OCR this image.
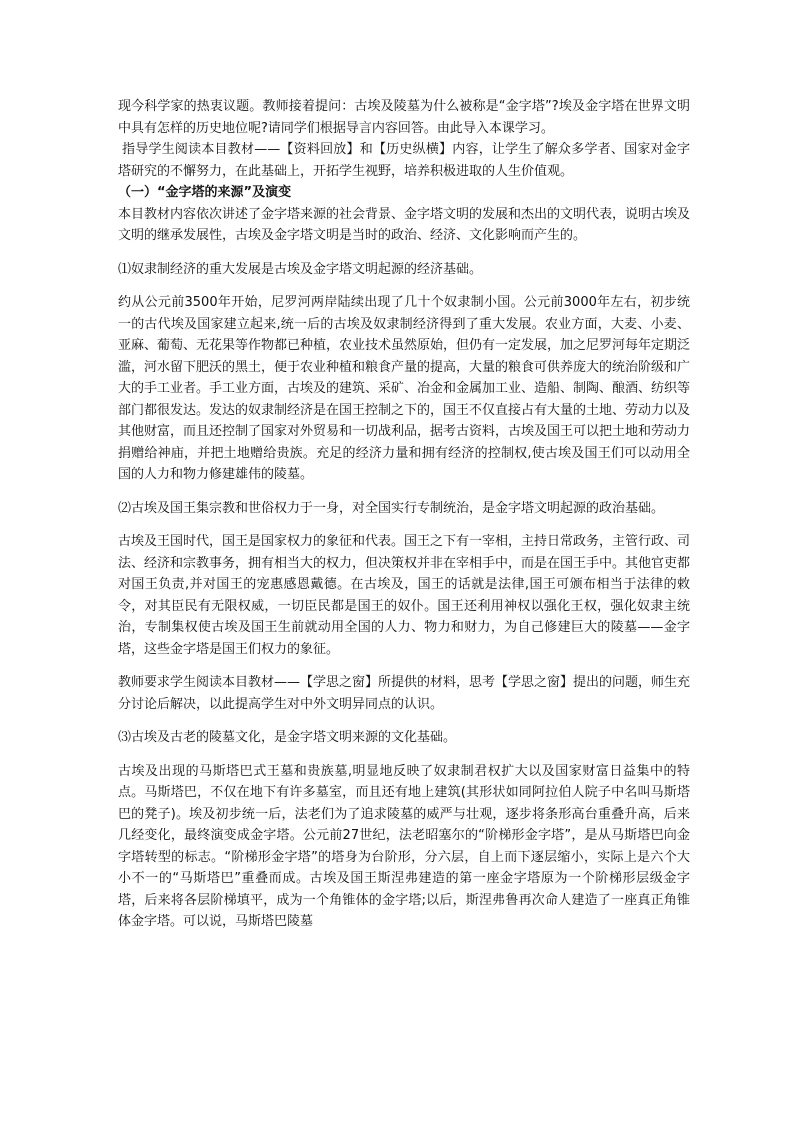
现今科学家的热衷议题。教师接着提问：古埃及陵墓为什么被称是“金字塔”?埃及金字塔在世界文明中具有怎样的历史地位呢?请同学们根据导言内容回答。由此导入本课学习。

指导学生阅读本目教材——【资料回放】和【历史纵横】内容，让学生了解众多学者、国家对金字塔研究的不懈努力，在此基础上，开拓学生视野，培养积极进取的人生价值观。

（一）“金字塔的来源”及演变

本目教材内容依次讲述了金字塔来源的社会背景、金字塔文明的发展和杰出的文明代表，说明古埃及文明的继承发展性，古埃及金字塔文明是当时的政治、经济、文化影响而产生的。

⑴奴隶制经济的重大发展是古埃及金字塔文明起源的经济基础。

约从公元前3500年开始，尼罗河两岸陆续出现了几十个奴隶制小国。公元前3000年左右，初步统一的古代埃及国家建立起来,统一后的古埃及奴隶制经济得到了重大发展。农业方面，大麦、小麦、亚麻、葡萄、无花果等作物都已种植，农业技术虽然原始，但仍有一定发展，加之尼罗河每年定期泛滥，河水留下肥沃的黑土，便于农业种植和粮食产量的提高，大量的粮食可供养庞大的统治阶级和广大的手工业者。手工业方面，古埃及的建筑、采矿、冶金和金属加工业、造船、制陶、酿酒、纺织等部门都很发达。发达的奴隶制经济是在国王控制之下的，国王不仅直接占有大量的土地、劳动力以及其他财富，而且还控制了国家对外贸易和一切战利品，据考古资料，古埃及国王可以把土地和劳动力捐赠给神庙，并把土地赠给贵族。充足的经济力量和拥有经济的控制权,使古埃及国王们可以动用全国的人力和物力修建雄伟的陵墓。

⑵古埃及国王集宗教和世俗权力于一身，对全国实行专制统治，是金字塔文明起源的政治基础。

古埃及王国时代，国王是国家权力的象征和代表。国王之下有一宰相，主持日常政务，主管行政、司法、经济和宗教事务，拥有相当大的权力，但决策权并非在宰相手中，而是在国王手中。其他官吏都对国王负责,并对国王的宠惠感恩戴德。在古埃及，国王的话就是法律,国王可颁布相当于法律的敕令，对其臣民有无限权威，一切臣民都是国王的奴仆。国王还利用神权以强化王权，强化奴隶主统治，专制集权使古埃及国王生前就动用全国的人力、物力和财力，为自己修建巨大的陵墓——金字塔，这些金字塔是国王们权力的象征。

教师要求学生阅读本目教材——【学思之窗】所提供的材料，思考【学思之窗】提出的问题，师生充分讨论后解决，以此提高学生对中外文明异同点的认识。

⑶古埃及古老的陵墓文化，是金字塔文明来源的文化基础。

古埃及出现的马斯塔巴式王墓和贵族墓,明显地反映了奴隶制君权扩大以及国家财富日益集中的特点。马斯塔巴，不仅在地下有许多墓室，而且还有地上建筑(其形状如同阿拉伯人院子中名叫马斯塔巴的凳子)。埃及初步统一后，法老们为了追求陵墓的威严与壮观，逐步将条形高台重叠升高，后来几经变化，最终演变成金字塔。公元前27世纪，法老昭塞尔的“阶梯形金字塔”，是从马斯塔巴向金字塔转型的标志。“阶梯形金字塔”的塔身为台阶形，分六层，自上而下逐层缩小，实际上是六个大小不一的“马斯塔巴”重叠而成。古埃及国王斯涅弗建造的第一座金字塔原为一个阶梯形层级金字塔，后来将各层阶梯填平，成为一个角锥体的金字塔;以后，斯涅弗鲁再次命人建造了一座真正角锥体金字塔。可以说，马斯塔巴陵墓
